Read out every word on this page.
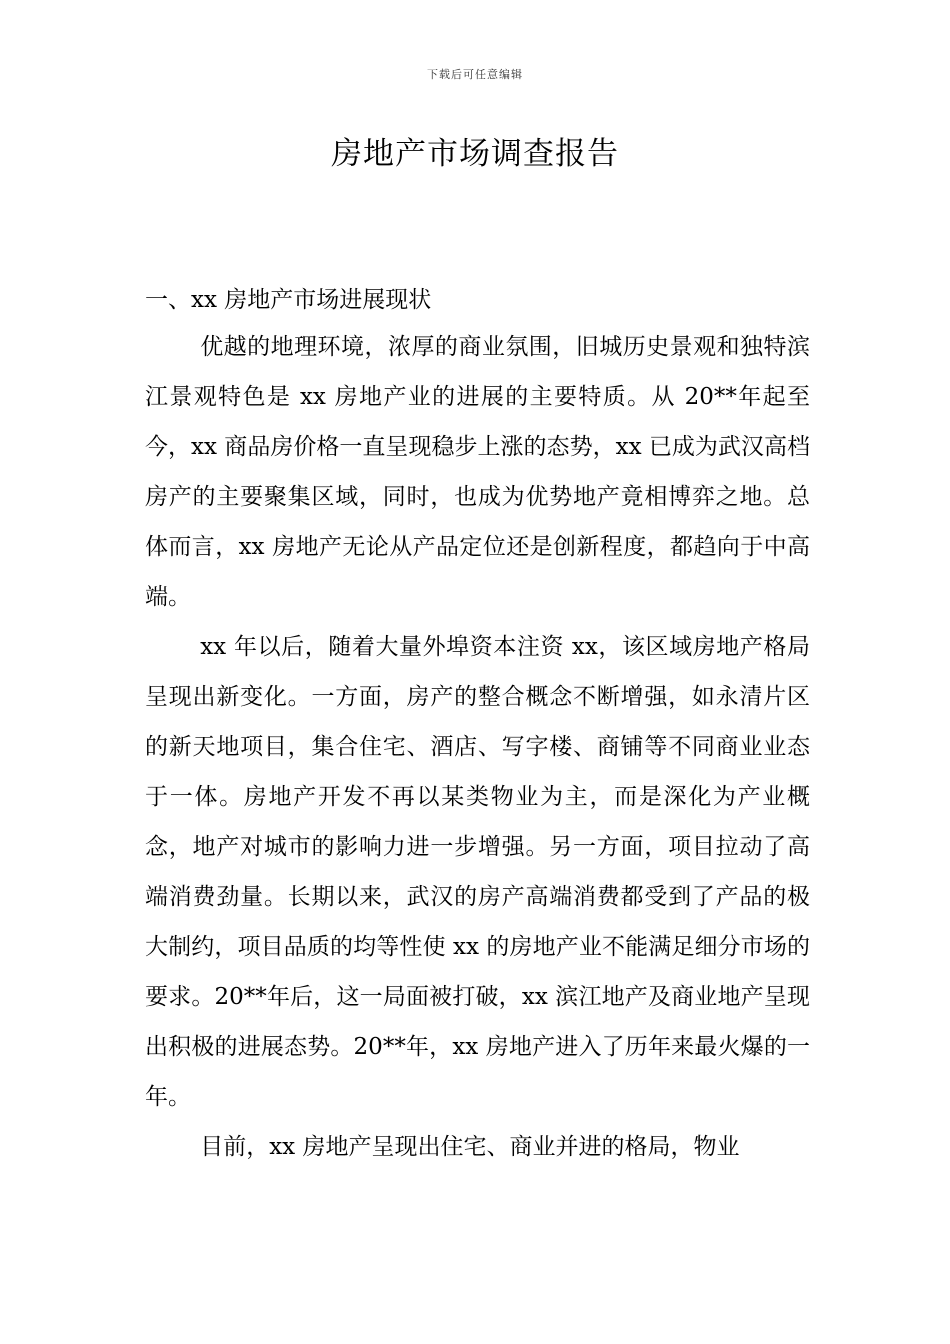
下载后可任意编辑
房地产市场调查报告
一、xx 房地产市场进展现状

优越的地理环境，浓厚的商业氛围，旧城历史景观和独特滨江景观特色是 xx 房地产业的进展的主要特质。从 20**年起至今，xx 商品房价格一直呈现稳步上涨的态势，xx 已成为武汉高档房产的主要聚集区域，同时，也成为优势地产竟相博弈之地。总体而言，xx 房地产无论从产品定位还是创新程度，都趋向于中高端。

xx 年以后，随着大量外埠资本注资 xx，该区域房地产格局呈现出新变化。一方面，房产的整合概念不断增强，如永清片区的新天地项目，集合住宅、酒店、写字楼、商铺等不同商业业态于一体。房地产开发不再以某类物业为主，而是深化为产业概念，地产对城市的影响力进一步增强。另一方面，项目拉动了高端消费劲量。长期以来，武汉的房产高端消费都受到了产品的极大制约，项目品质的均等性使 xx 的房地产业不能满足细分市场的要求。20**年后，这一局面被打破，xx 滨江地产及商业地产呈现出积极的进展态势。20**年，xx 房地产进入了历年来最火爆的一年。

目前，xx 房地产呈现出住宅、商业并进的格局，物业
